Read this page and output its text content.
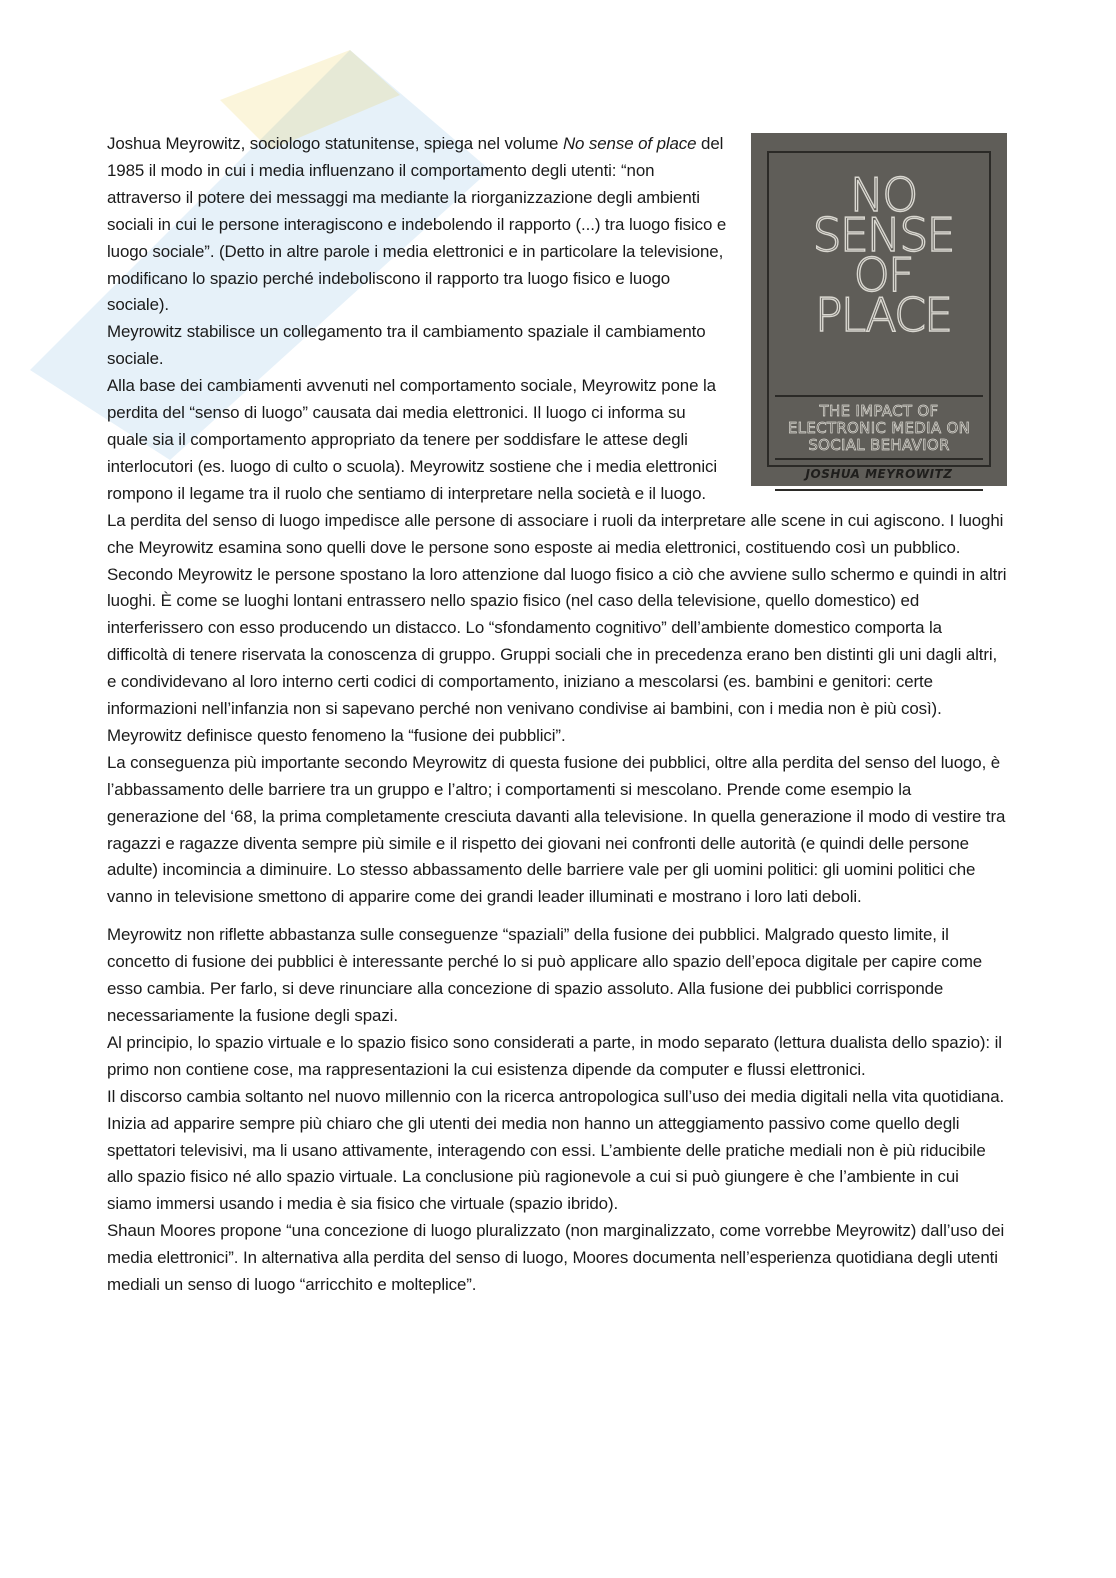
NO SENSE OF PLACE
THE IMPACT OF ELECTRONIC MEDIA ON SOCIAL BEHAVIOR
JOSHUA MEYROWITZ

Joshua Meyrowitz, sociologo statunitense, spiega nel volume No sense of place del 1985 il modo in cui i media influenzano il comportamento degli utenti: “non attraverso il potere dei messaggi ma mediante la riorganizzazione degli ambienti sociali in cui le persone interagiscono e indebolendo il rapporto (...) tra luogo fisico e luogo sociale”. (Detto in altre parole i media elettronici e in particolare la televisione, modificano lo spazio perché indeboliscono il rapporto tra luogo fisico e luogo sociale).

Meyrowitz stabilisce un collegamento tra il cambiamento spaziale il cambiamento sociale.

Alla base dei cambiamenti avvenuti nel comportamento sociale, Meyrowitz pone la perdita del “senso di luogo” causata dai media elettronici. Il luogo ci informa su quale sia il comportamento appropriato da tenere per soddisfare le attese degli interlocutori (es. luogo di culto o scuola). Meyrowitz sostiene che i media elettronici rompono il legame tra il ruolo che sentiamo di interpretare nella società e il luogo. La perdita del senso di luogo impedisce alle persone di associare i ruoli da interpretare alle scene in cui agiscono. I luoghi che Meyrowitz esamina sono quelli dove le persone sono esposte ai media elettronici, costituendo così un pubblico.

Secondo Meyrowitz le persone spostano la loro attenzione dal luogo fisico a ciò che avviene sullo schermo e quindi in altri luoghi. È come se luoghi lontani entrassero nello spazio fisico (nel caso della televisione, quello domestico) ed interferissero con esso producendo un distacco. Lo “sfondamento cognitivo” dell’ambiente domestico comporta la difficoltà di tenere riservata la conoscenza di gruppo. Gruppi sociali che in precedenza erano ben distinti gli uni dagli altri, e condividevano al loro interno certi codici di comportamento, iniziano a mescolarsi (es. bambini e genitori: certe informazioni nell’infanzia non si sapevano perché non venivano condivise ai bambini, con i media non è più così). Meyrowitz definisce questo fenomeno la “fusione dei pubblici”.

La conseguenza più importante secondo Meyrowitz di questa fusione dei pubblici, oltre alla perdita del senso del luogo, è l’abbassamento delle barriere tra un gruppo e l’altro; i comportamenti si mescolano. Prende come esempio la generazione del ‘68, la prima completamente cresciuta davanti alla televisione. In quella generazione il modo di vestire tra ragazzi e ragazze diventa sempre più simile e il rispetto dei giovani nei confronti delle autorità (e quindi delle persone adulte) incomincia a diminuire. Lo stesso abbassamento delle barriere vale per gli uomini politici: gli uomini politici che vanno in televisione smettono di apparire come dei grandi leader illuminati e mostrano i loro lati deboli.

Meyrowitz non riflette abbastanza sulle conseguenze “spaziali” della fusione dei pubblici. Malgrado questo limite, il concetto di fusione dei pubblici è interessante perché lo si può applicare allo spazio dell’epoca digitale per capire come esso cambia. Per farlo, si deve rinunciare alla concezione di spazio assoluto. Alla fusione dei pubblici corrisponde necessariamente la fusione degli spazi.

Al principio, lo spazio virtuale e lo spazio fisico sono considerati a parte, in modo separato (lettura dualista dello spazio): il primo non contiene cose, ma rappresentazioni la cui esistenza dipende da computer e flussi elettronici.

Il discorso cambia soltanto nel nuovo millennio con la ricerca antropologica sull’uso dei media digitali nella vita quotidiana. Inizia ad apparire sempre più chiaro che gli utenti dei media non hanno un atteggiamento passivo come quello degli spettatori televisivi, ma li usano attivamente, interagendo con essi. L’ambiente delle pratiche mediali non è più riducibile allo spazio fisico né allo spazio virtuale. La conclusione più ragionevole a cui si può giungere è che l’ambiente in cui siamo immersi usando i media è sia fisico che virtuale (spazio ibrido).

Shaun Moores propone “una concezione di luogo pluralizzato (non marginalizzato, come vorrebbe Meyrowitz) dall’uso dei media elettronici”. In alternativa alla perdita del senso di luogo, Moores documenta nell’esperienza quotidiana degli utenti mediali un senso di luogo “arricchito e molteplice”.
